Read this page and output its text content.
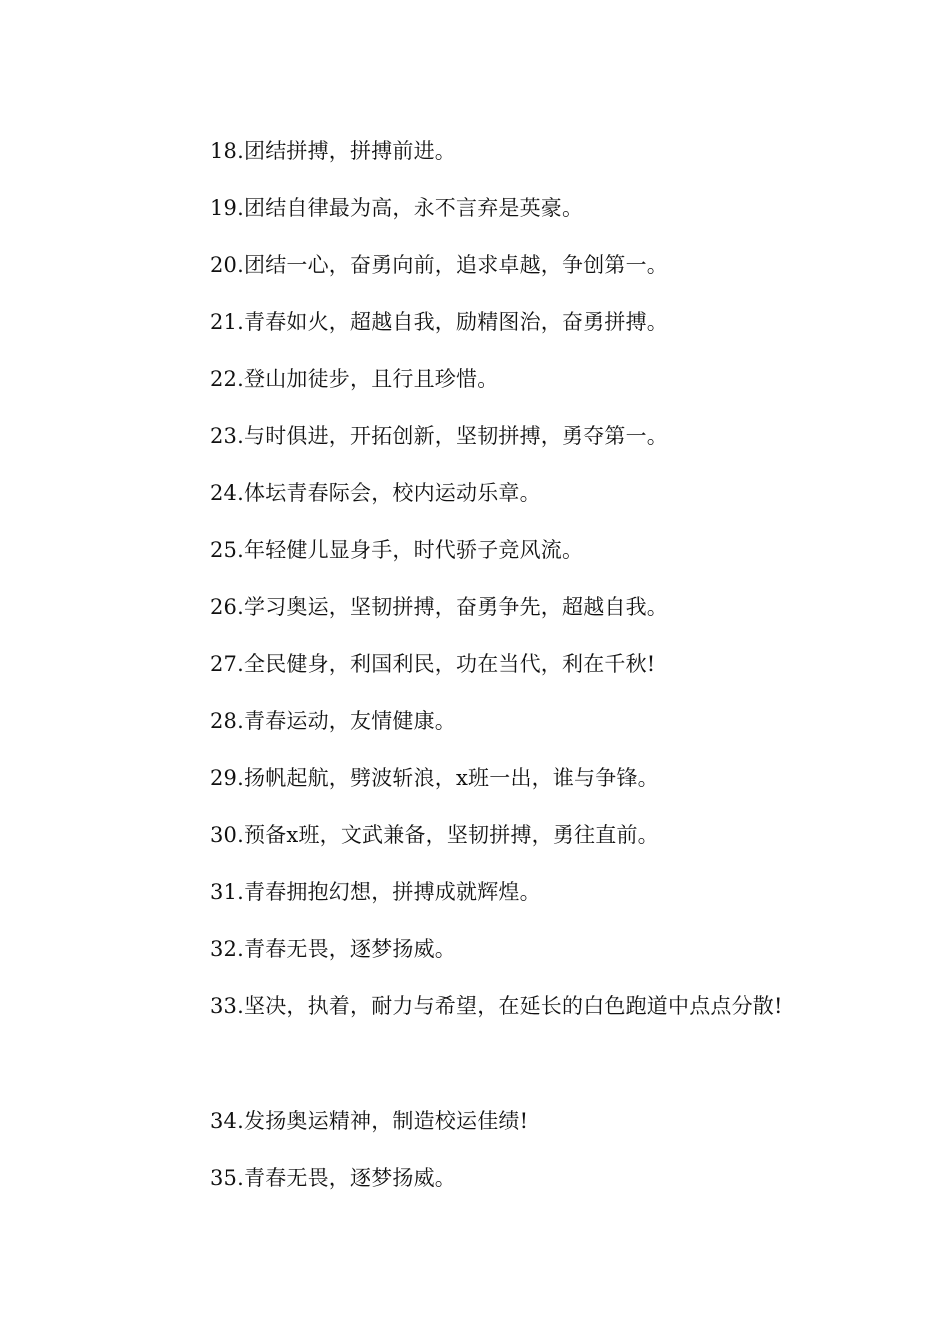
18.团结拼搏，拼搏前进。

19.团结自律最为高，永不言弃是英豪。

20.团结一心，奋勇向前，追求卓越，争创第一。

21.青春如火，超越自我，励精图治，奋勇拼搏。

22.登山加徒步，且行且珍惜。

23.与时俱进，开拓创新，坚韧拼搏，勇夺第一。

24.体坛青春际会，校内运动乐章。

25.年轻健儿显身手，时代骄子竞风流。

26.学习奥运，坚韧拼搏，奋勇争先，超越自我。

27.全民健身，利国利民，功在当代，利在千秋!

28.青春运动，友情健康。

29.扬帆起航，劈波斩浪，x班一出，谁与争锋。

30.预备x班，文武兼备，坚韧拼搏，勇往直前。

31.青春拥抱幻想，拼搏成就辉煌。

32.青春无畏，逐梦扬威。

33.坚决，执着，耐力与希望，在延长的白色跑道中点点分散!

34.发扬奥运精神，制造校运佳绩!

35.青春无畏，逐梦扬威。
